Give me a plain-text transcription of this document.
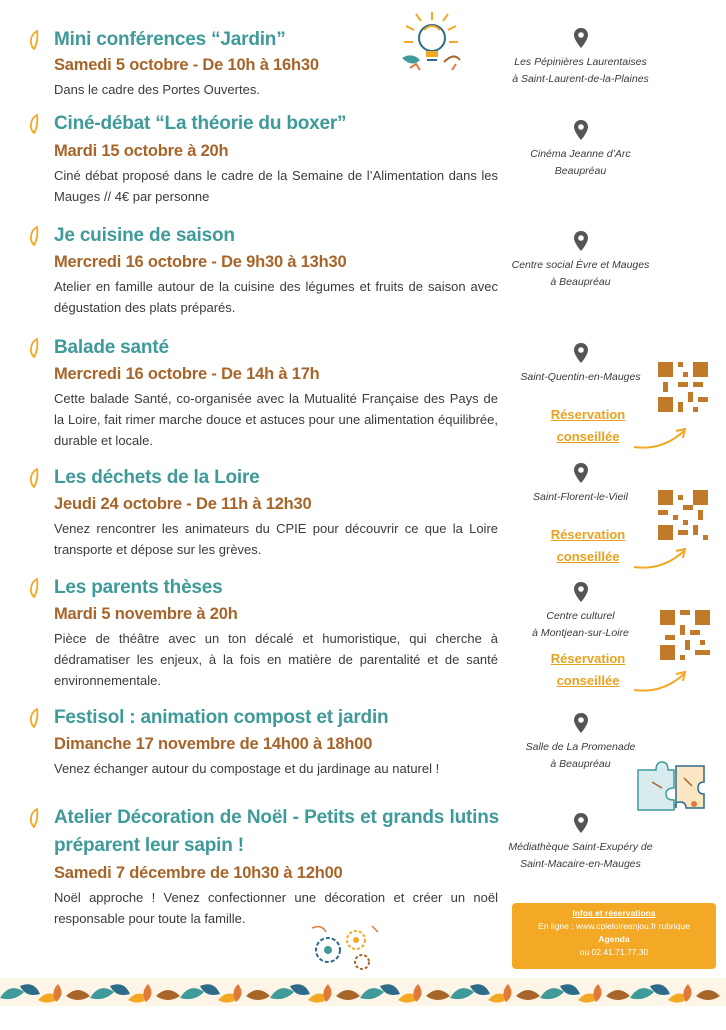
Mini conférences “Jardin”

Samedi 5 octobre - De 10h à 16h30

Dans le cadre des Portes Ouvertes.

Ciné-débat “La théorie du boxer”

Mardi 15 octobre à 20h

Ciné débat proposé dans le cadre de la Semaine de l’Alimentation dans les Mauges // 4€ par personne

Je cuisine de saison

Mercredi 16 octobre - De 9h30 à 13h30

Atelier en famille autour de la cuisine des légumes et fruits de saison avec dégustation des plats préparés.

Balade santé

Mercredi 16 octobre - De 14h à 17h

Cette balade Santé, co-organisée avec la Mutualité Française des Pays de la Loire, fait rimer marche douce et astuces pour une alimentation équilibrée, durable et locale.

Les déchets de la Loire

Jeudi 24 octobre - De 11h à 12h30

Venez rencontrer les animateurs du CPIE pour découvrir ce que la Loire transporte et dépose sur les grèves.

Les parents thèses

Mardi 5 novembre à 20h

Pièce de théâtre avec un ton décalé et humoristique, qui cherche à dédramatiser les enjeux, à la fois en matière de parentalité et de santé environnementale.

Festisol : animation compost et jardin

Dimanche 17 novembre de 14h00 à 18h00

Venez échanger autour du compostage et du jardinage au naturel !

Atelier Décoration de Noël - Petits et grands lutins préparent leur sapin !

Samedi 7 décembre de 10h30 à 12h00

Noël approche ! Venez confectionner une décoration et créer un noël responsable pour toute la famille.

Les Pépinières Laurentaises
à Saint-Laurent-de-la-Plaines
Cinéma Jeanne d’Arc
Beaupréau
Centre social Èvre et Mauges
à Beaupréau
Saint-Quentin-en-Mauges
Saint-Florent-le-Vieil
Centre culturel
à Montjean-sur-Loire
Salle de La Promenade
à Beaupréau
Médiathèque Saint-Exupéry de
Saint-Macaire-en-Mauges
Réservation
conseillée
Réservation
conseillée
Réservation
conseillée
Infos et réservations
En ligne : www.cpieloireanjou.fr rubrique
Agenda
ou 02.41.71.77.30
